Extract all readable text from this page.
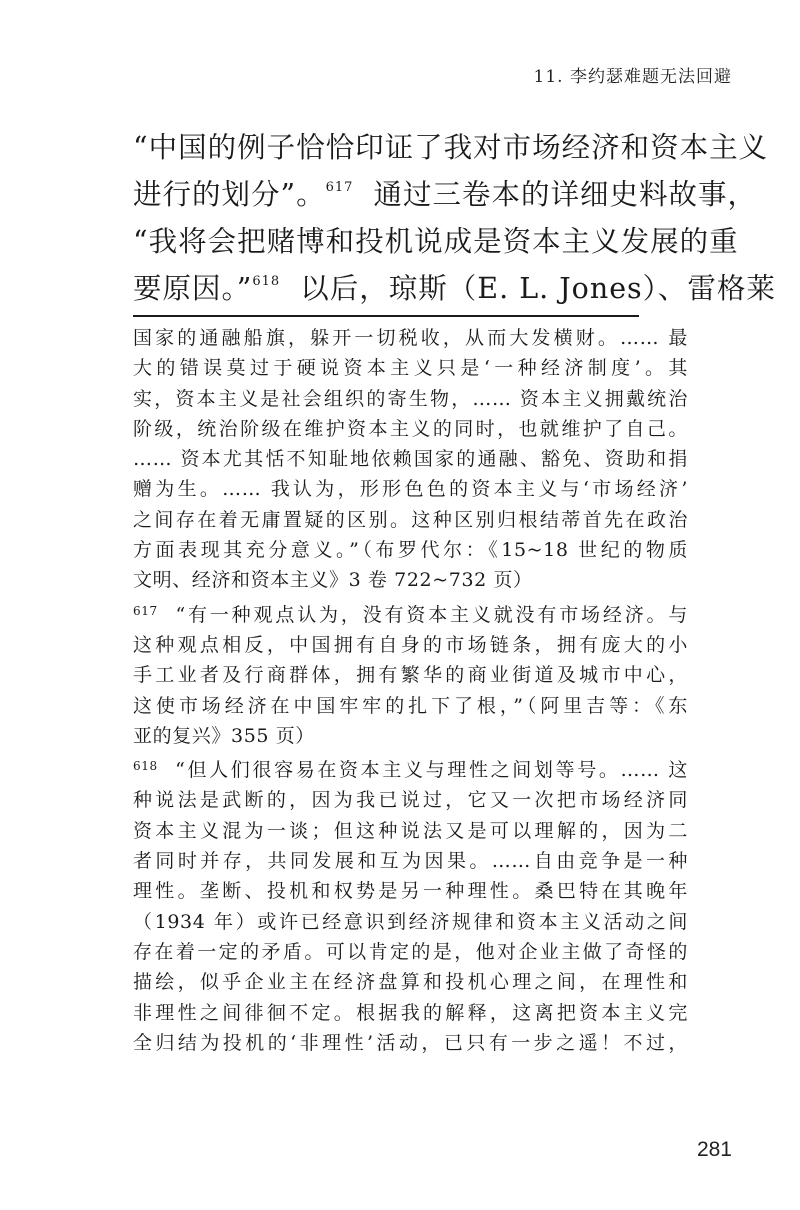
11. 李约瑟难题无法回避
“中国的例子恰恰印证了我对市场经济和资本主义
进行的划分”。$^{617}$ 通过三卷本的详细史料故事，
“我将会把赌博和投机说成是资本主义发展的重
要原因。”$^{618}$ 以后，琼斯（E. L. Jones）、雷格莱
国家的通融船旗，躲开一切税收，从而大发横财。…… 最
大的错误莫过于硬说资本主义只是‘一种经济制度’。其
实，资本主义是社会组织的寄生物，…… 资本主义拥戴统治
阶级，统治阶级在维护资本主义的同时，也就维护了自己。
…… 资本尤其恬不知耻地依赖国家的通融、豁免、资助和捐
赠为生。…… 我认为，形形色色的资本主义与‘市场经济’
之间存在着无庸置疑的区别。这种区别归根结蒂首先在政治
方面表现其充分意义。”（布罗代尔：《15~18 世纪的物质
文明、经济和资本主义》3 卷 722~732 页）
$^{617}$ “有一种观点认为，没有资本主义就没有市场经济。与
这种观点相反，中国拥有自身的市场链条，拥有庞大的小
手工业者及行商群体，拥有繁华的商业街道及城市中心，
这使市场经济在中国牢牢的扎下了根，”（阿里吉等：《东
亚的复兴》355 页）
$^{618}$ “但人们很容易在资本主义与理性之间划等号。…… 这
种说法是武断的，因为我已说过，它又一次把市场经济同
资本主义混为一谈；但这种说法又是可以理解的，因为二
者同时并存，共同发展和互为因果。……自由竞争是一种
理性。垄断、投机和权势是另一种理性。桑巴特在其晚年
（1934 年）或许已经意识到经济规律和资本主义活动之间
存在着一定的矛盾。可以肯定的是，他对企业主做了奇怪的
描绘，似乎企业主在经济盘算和投机心理之间，在理性和
非理性之间徘徊不定。根据我的解释，这离把资本主义完
全归结为投机的‘非理性’活动，已只有一步之遥！不过，
281
